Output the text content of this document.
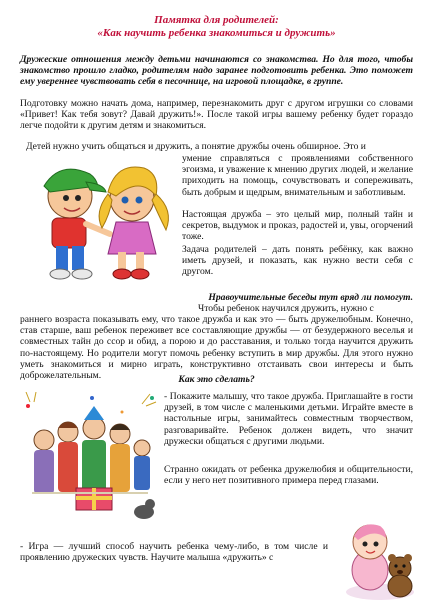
Памятка для родителей:
«Как научить ребенка знакомиться и дружить»
Дружеские отношения между детьми начинаются со знакомства. Но для того, чтобы знакомство прошло гладко, родителям надо заранее подготовить ребенка. Это поможет ему увереннее чувствовать себя в песочнице, на игровой площадке, в группе.
Подготовку можно начать дома, например, перезнакомить друг с другом игрушки со словами «Привет! Как тебя зовут? Давай дружить!». После такой игры вашему ребенку будет гораздо легче подойти к другим детям и знакомиться.
Детей нужно учить общаться и дружить, а понятие дружбы очень обширное. Это и
умение справляться с проявлениями собственного эгоизма, и уважение к мнению других людей, и желание приходить на помощь, сочувствовать и сопереживать, быть добрым и щедрым, внимательным и заботливым.
Настоящая дружба – это целый мир, полный тайн и секретов, выдумок и проказ, радостей и, увы, огорчений тоже.
Задача родителей – дать понять ребёнку, как важно иметь друзей, и показать, как нужно вести себя с другом.
Нравоучительные беседы тут вряд ли помогут.
Чтобы ребенок научился дружить, нужно с
раннего возраста показывать ему, что такое дружба и как это — быть дружелюбным. Конечно, став старше, ваш ребенок переживет все составляющие дружбы — от безудержного веселья и совместных тайн до ссор и обид, а порою и до расставания, и только тогда научится дружить по-настоящему. Но родители могут помочь ребенку вступить в мир дружбы. Для этого нужно уметь знакомиться и мирно играть, конструктивно отстаивать свои интересы и быть доброжелательным.	Как это сделать?
- Покажите малышу, что такое дружба. Приглашайте в гости друзей, в том числе с маленькими детьми. Играйте вместе в настольные игры, занимайтесь совместным творчеством, разговаривайте. Ребенок должен видеть, что значит дружески общаться с другими людьми.
Странно ожидать от ребенка дружелюбия и общительности, если у него нет позитивного примера перед глазами.
- Игра — лучший способ научить ребенка чему-либо, в том числе и проявлению дружеских чувств. Научите малыша «дружить» с
